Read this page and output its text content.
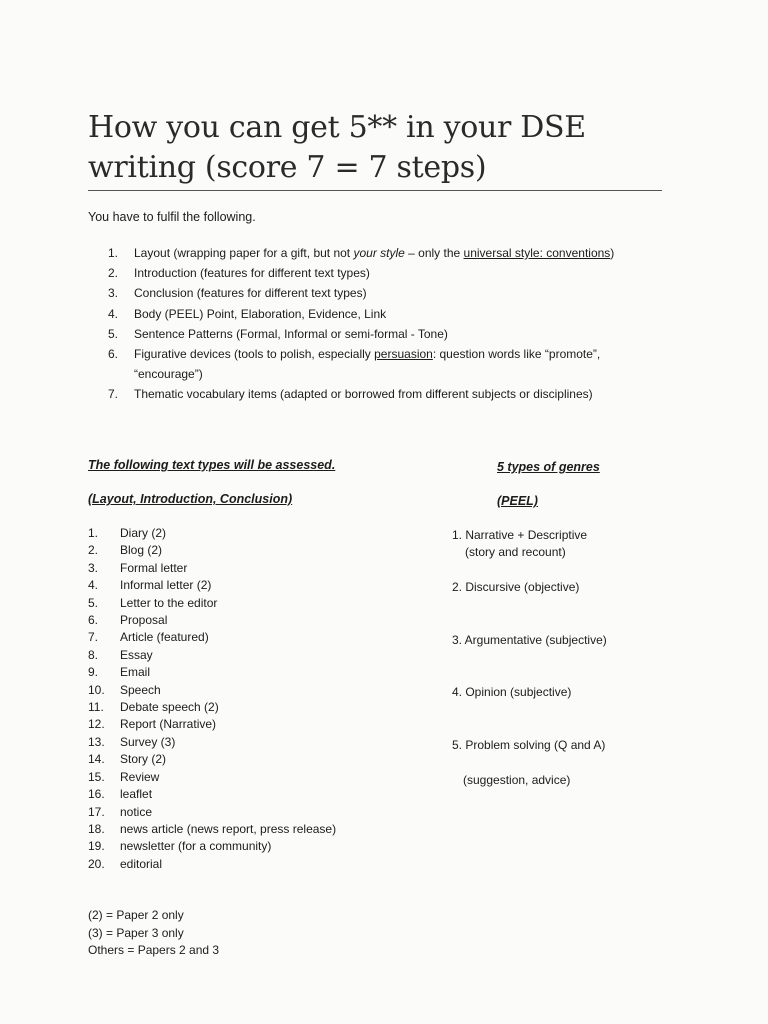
How you can get 5** in your DSE
writing (score 7 = 7 steps)
You have to fulfil the following.
1.	Layout (wrapping paper for a gift, but not your style – only the universal style: conventions)
2.	Introduction (features for different text types)
3.	Conclusion (features for different text types)
4.	Body (PEEL) Point, Elaboration, Evidence, Link
5.	Sentence Patterns (Formal, Informal or semi-formal - Tone)
6.	Figurative devices (tools to polish, especially persuasion: question words like “promote”, “encourage”)
7.	Thematic vocabulary items (adapted or borrowed from different subjects or disciplines)
The following text types will be assessed.
(Layout, Introduction, Conclusion)
5 types of genres
(PEEL)
1.	Diary (2)
2.	Blog (2)
3.	Formal letter
4.	Informal letter (2)
5.	Letter to the editor
6.	Proposal
7.	Article (featured)
8.	Essay
9.	Email
10.	Speech
11.	Debate speech (2)
12.	Report (Narrative)
13.	Survey (3)
14.	Story (2)
15.	Review
16.	leaflet
17.	notice
18.	news article (news report, press release)
19.	newsletter (for a community)
20.	editorial
1. Narrative + Descriptive
(story and recount)
2. Discursive (objective)
3. Argumentative (subjective)
4. Opinion (subjective)
5. Problem solving (Q and A)
(suggestion, advice)
(2) = Paper 2 only
(3) = Paper 3 only
Others = Papers 2 and 3
